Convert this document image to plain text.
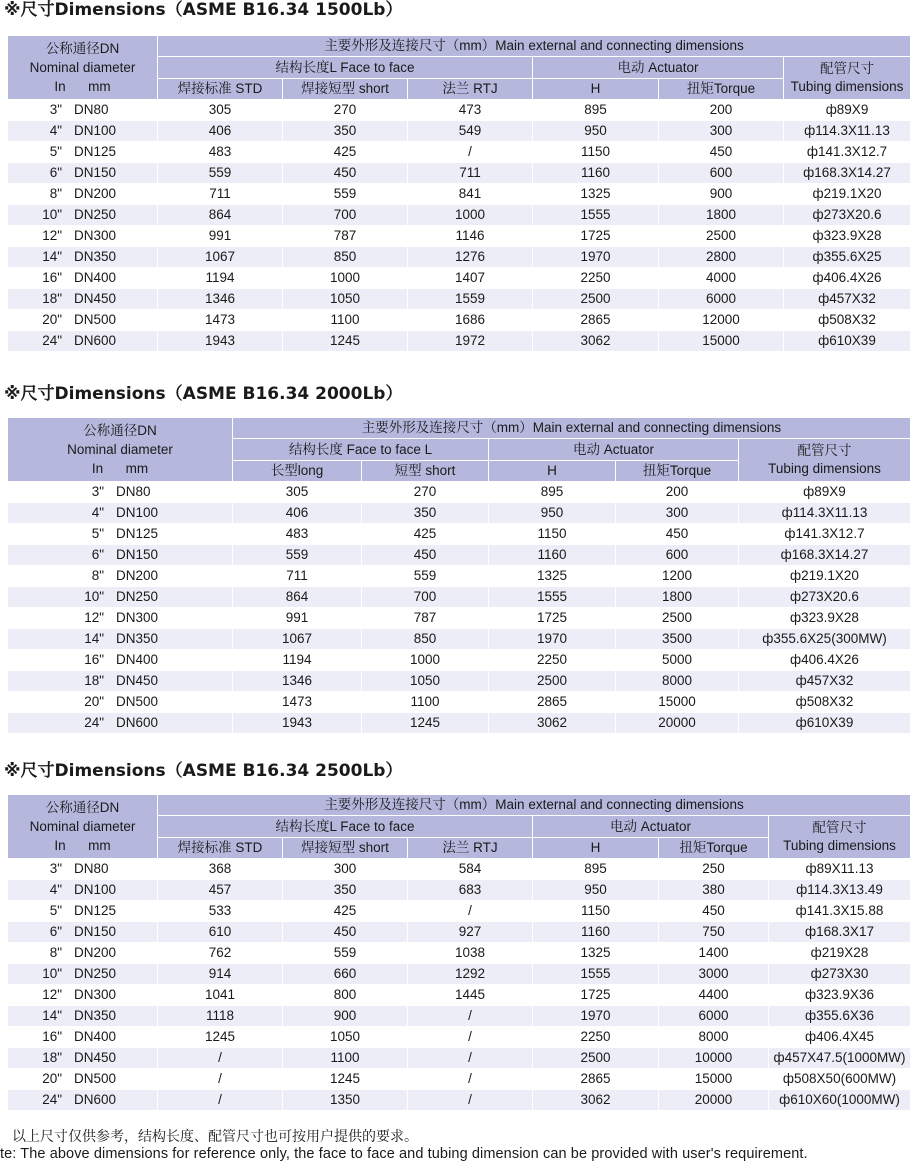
※尺寸Dimensions（ASME B16.34 1500Lb）
公称通径DN
Nominal diameter
In      mm	主要外形及连接尺寸（mm）Main external and connecting dimensions					
	结构长度L Face to face			电动 Actuator		配管尺寸
Tubing dimensions
	焊接标准 STD	焊接短型 short	法兰 RTJ	H	扭矩Torque	
3" DN80	305	270	473	895	200	ф89X9
4" DN100	406	350	549	950	300	ф114.3X11.13
5" DN125	483	425	/	1150	450	ф141.3X12.7
6" DN150	559	450	711	1160	600	ф168.3X14.27
8" DN200	711	559	841	1325	900	ф219.1X20
10" DN250	864	700	1000	1555	1800	ф273X20.6
12" DN300	991	787	1146	1725	2500	ф323.9X28
14" DN350	1067	850	1276	1970	2800	ф355.6X25
16" DN400	1194	1000	1407	2250	4000	ф406.4X26
18" DN450	1346	1050	1559	2500	6000	ф457X32
20" DN500	1473	1100	1686	2865	12000	ф508X32
24" DN600	1943	1245	1972	3062	15000	ф610X39
※尺寸Dimensions（ASME B16.34 2000Lb）
公称通径DN
Nominal diameter
In      mm	主要外形及连接尺寸（mm）Main external and connecting dimensions				
	结构长度 Face to face L		电动 Actuator		配管尺寸
Tubing dimensions
	长型long	短型 short	H	扭矩Torque	
3" DN80	305	270	895	200	ф89X9
4" DN100	406	350	950	300	ф114.3X11.13
5" DN125	483	425	1150	450	ф141.3X12.7
6" DN150	559	450	1160	600	ф168.3X14.27
8" DN200	711	559	1325	1200	ф219.1X20
10" DN250	864	700	1555	1800	ф273X20.6
12" DN300	991	787	1725	2500	ф323.9X28
14" DN350	1067	850	1970	3500	ф355.6X25(300MW)
16" DN400	1194	1000	2250	5000	ф406.4X26
18" DN450	1346	1050	2500	8000	ф457X32
20" DN500	1473	1100	2865	15000	ф508X32
24" DN600	1943	1245	3062	20000	ф610X39
※尺寸Dimensions（ASME B16.34 2500Lb）
公称通径DN
Nominal diameter
In      mm	主要外形及连接尺寸（mm）Main external and connecting dimensions					
	结构长度L Face to face			电动 Actuator		配管尺寸
Tubing dimensions
	焊接标准 STD	焊接短型 short	法兰 RTJ	H	扭矩Torque	
3" DN80	368	300	584	895	250	ф89X11.13
4" DN100	457	350	683	950	380	ф114.3X13.49
5" DN125	533	425	/	1150	450	ф141.3X15.88
6" DN150	610	450	927	1160	750	ф168.3X17
8" DN200	762	559	1038	1325	1400	ф219X28
10" DN250	914	660	1292	1555	3000	ф273X30
12" DN300	1041	800	1445	1725	4400	ф323.9X36
14" DN350	1118	900	/	1970	6000	ф355.6X36
16" DN400	1245	1050	/	2250	8000	ф406.4X45
18" DN450	/	1100	/	2500	10000	ф457X47.5(1000MW)
20" DN500	/	1245	/	2865	15000	ф508X50(600MW)
24" DN600	/	1350	/	3062	20000	ф610X60(1000MW)

以上尺寸仅供参考，结构长度、配管尺寸也可按用户提供的要求。

te: The above dimensions for reference only, the face to face and tubing dimension can be provided with user's requirement.
